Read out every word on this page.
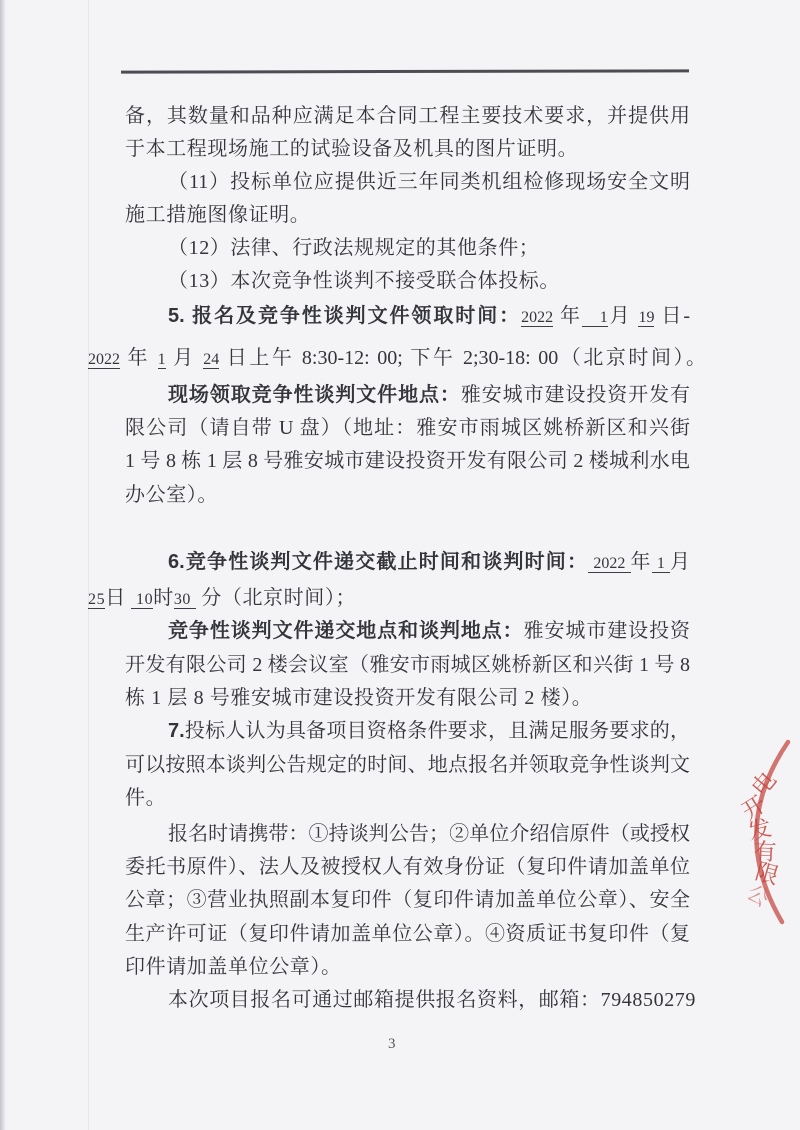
备，其数量和品种应满足本合同工程主要技术要求，并提供用
于本工程现场施工的试验设备及机具的图片证明。
（11）投标单位应提供近三年同类机组检修现场安全文明
施工措施图像证明。
（12）法律、行政法规规定的其他条件；
（13）本次竞争性谈判不接受联合体投标。
5. 报名及竞争性谈判文件领取时间：2022 年   1月 19 日-
2022 年 1 月 24 日上午 8:30-12: 00; 下午 2;30-18: 00（北京时间）。
现场领取竞争性谈判文件地点：雅安城市建设投资开发有
限公司（请自带 U 盘）（地址：雅安市雨城区姚桥新区和兴街
1 号 8 栋 1 层 8 号雅安城市建设投资开发有限公司 2 楼城利水电
办公室）。
6.竞争性谈判文件递交截止时间和谈判时间： 2022 年 1 月
25日  10时30  分（北京时间）；
竞争性谈判文件递交地点和谈判地点：雅安城市建设投资
开发有限公司 2 楼会议室（雅安市雨城区姚桥新区和兴街 1 号 8
栋 1 层 8 号雅安城市建设投资开发有限公司 2 楼）。
7.投标人认为具备项目资格条件要求，且满足服务要求的，
可以按照本谈判公告规定的时间、地点报名并领取竞争性谈判文
件。
报名时请携带：①持谈判公告；②单位介绍信原件（或授权
委托书原件）、法人及被授权人有效身份证（复印件请加盖单位
公章；③营业执照副本复印件（复印件请加盖单位公章）、安全
生产许可证（复印件请加盖单位公章）。④资质证书复印件（复
印件请加盖单位公章）。
本次项目报名可通过邮箱提供报名资料，邮箱：794850279
3
电
开
发
有
限
公
